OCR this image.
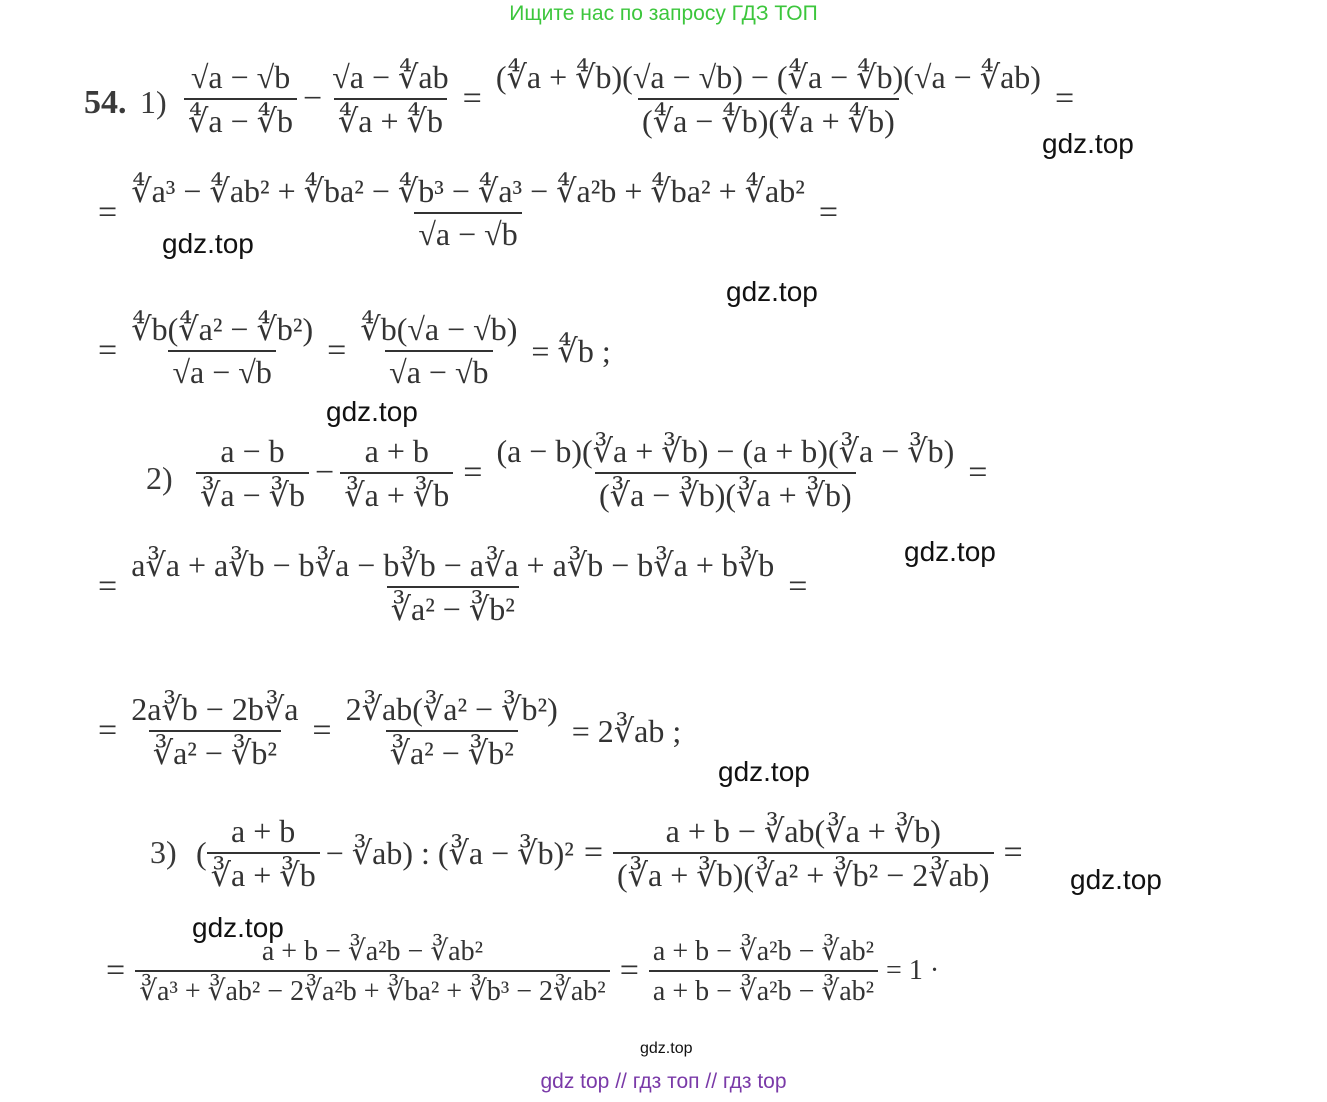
Ищите нас по запросу ГДЗ ТОП
54. $1) \frac{√a - √b}{∜a - ∜b} - \frac{√a - ∜ab}{∜a + ∜b} = \frac{(∜a + ∜b)(√a - √b) - (∜a - ∜b)(√a - ∜ab)}{(∜a - ∜b)(∜a + ∜b)}$ =
= $\frac{\text{∜a³ − ∜ab² + ∜ba² − ∜b³ − ∜a³ − ∜a²b + ∜ba² + ∜ab²}}{√a - √b}$ =
= $\frac{\text{∜b(∜a² − ∜b²)}}{√a - √b} = \frac{∜b(√a - √b)}{√a - √b}$ = ∜b ;
$2) \frac{a - b}{∛a - ∛b} - \frac{a + b}{∛a + ∛b} = \frac{(a - b)(∛a + ∛b) - (a + b)(∛a - ∛b)}{(∛a - ∛b)(∛a + ∛b)}$ =
= $\frac{a∛a + a∛b - b∛a - b∛b - a∛a + a∛b - b∛a + b∛b}{\text{∛a² − ∛b²}}$ =
= $\frac{2a∛b - 2b∛a}{\text{∛a² − ∛b²}} = \frac{\text{2∛ab(∛a² − ∛b²)}}{\text{∛a² − ∛b²}}$ = 2∛ab ;
3) ( $\frac{a + b}{∛a + ∛b}$ − ∛ab) : (∛a − ∛b)² = $\frac{a + b - ∛ab(∛a + ∛b)}{\text{(∛a + ∛b)(∛a² + ∛b² − 2∛ab)}}$ =
= $\frac{\text{a + b − ∛a²b − ∛ab²}}{\text{∛a³ + ∛ab² − 2∛a²b + ∛ba² + ∛b³ − 2∛ab²}} = \frac{\text{a + b − ∛a²b − ∛ab²}}{\text{a + b − ∛a²b − ∛ab²}} = 1$ ·
gdz.top
gdz.top
gdz.top
gdz.top
gdz.top
gdz.top
gdz.top
gdz.top
gdz.top
gdz top // гдз топ // гдз top
